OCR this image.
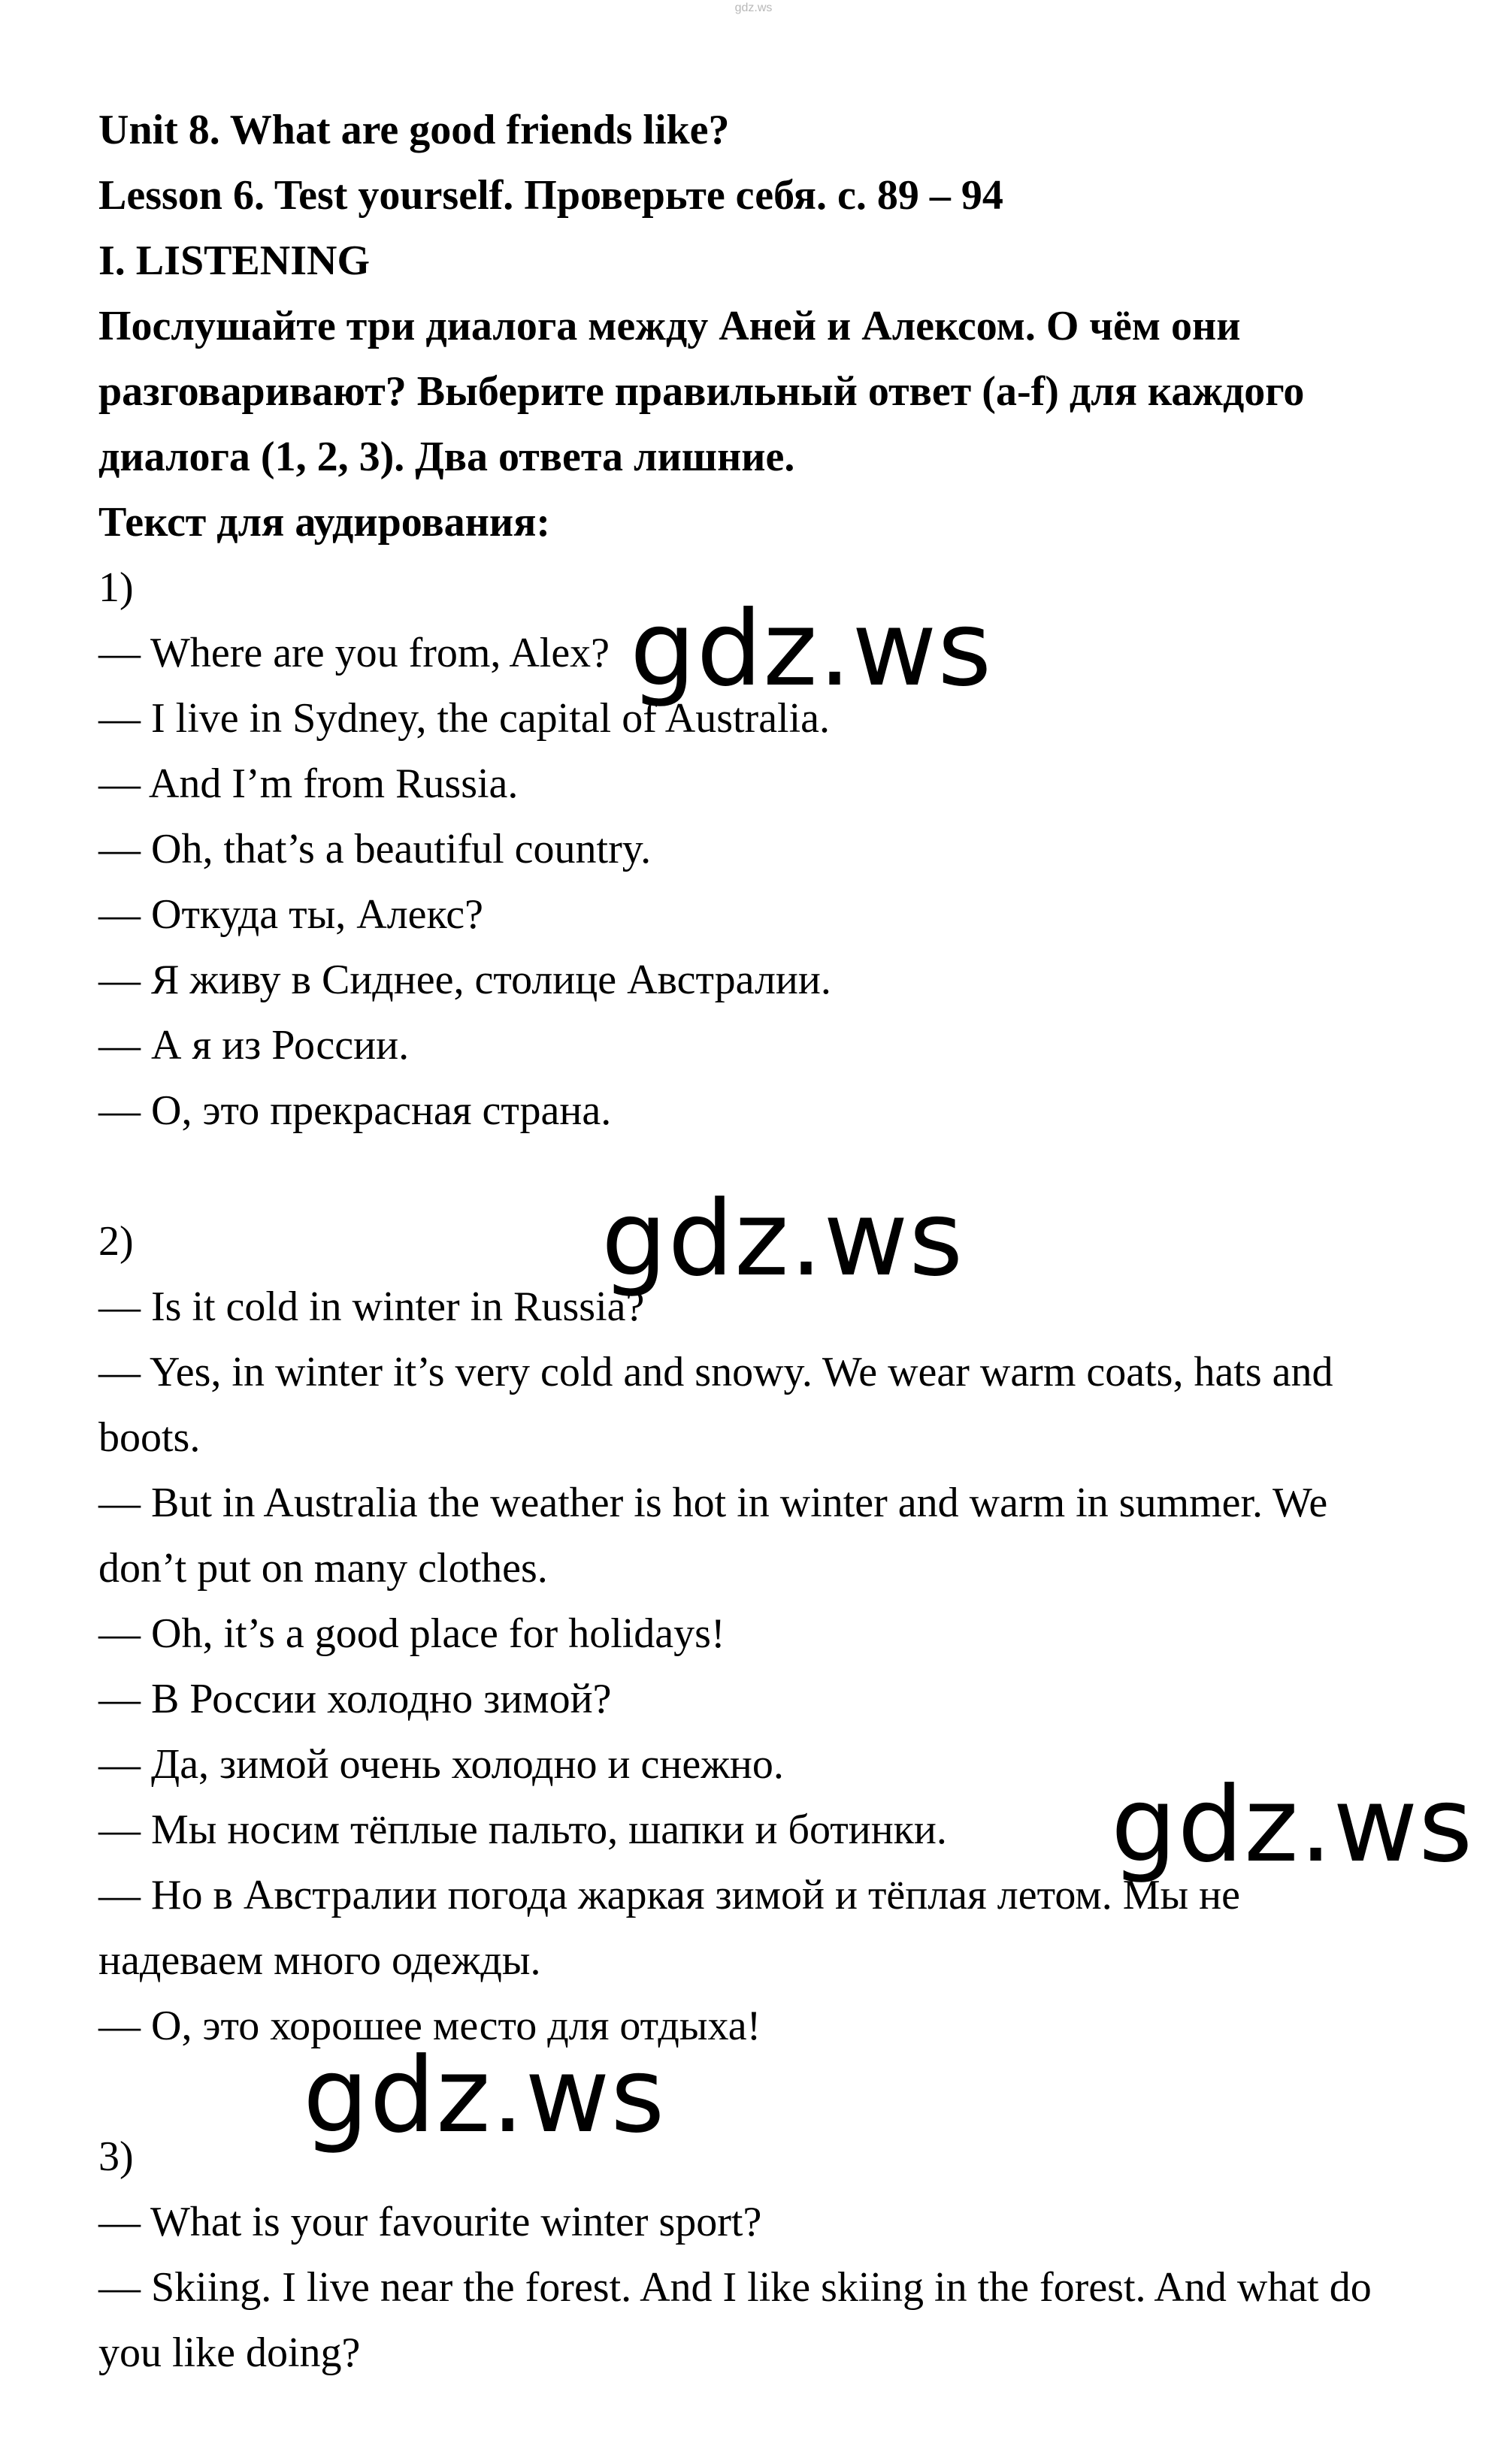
gdz.ws
Unit 8. What are good friends like?
Lesson 6. Test yourself. Проверьте себя. с. 89 – 94
I. LISTENING
Послушайте три диалога между Аней и Алексом. О чём они
разговаривают? Выберите правильный ответ (a-f) для каждого
диалога (1, 2, 3). Два ответа лишние.
Текст для аудирования:
1)
— Where are you from, Alex?
— I live in Sydney, the capital of Australia.
— And I’m from Russia.
— Oh, that’s a beautiful country.
— Откуда ты, Алекс?
— Я живу в Сиднее, столице Австралии.
— А я из России.
— О, это прекрасная страна.
2)
— Is it cold in winter in Russia?
— Yes, in winter it’s very cold and snowy. We wear warm coats, hats and
boots.
— But in Australia the weather is hot in winter and warm in summer. We
don’t put on many clothes.
— Oh, it’s a good place for holidays!
— В России холодно зимой?
— Да, зимой очень холодно и снежно.
— Мы носим тёплые пальто, шапки и ботинки.
— Но в Австралии погода жаркая зимой и тёплая летом. Мы не
надеваем много одежды.
— О, это хорошее место для отдыха!
3)
— What is your favourite winter sport?
— Skiing. I live near the forest. And I like skiing in the forest. And what do
you like doing?
gdz.ws
gdz.ws
gdz.ws
gdz.ws
